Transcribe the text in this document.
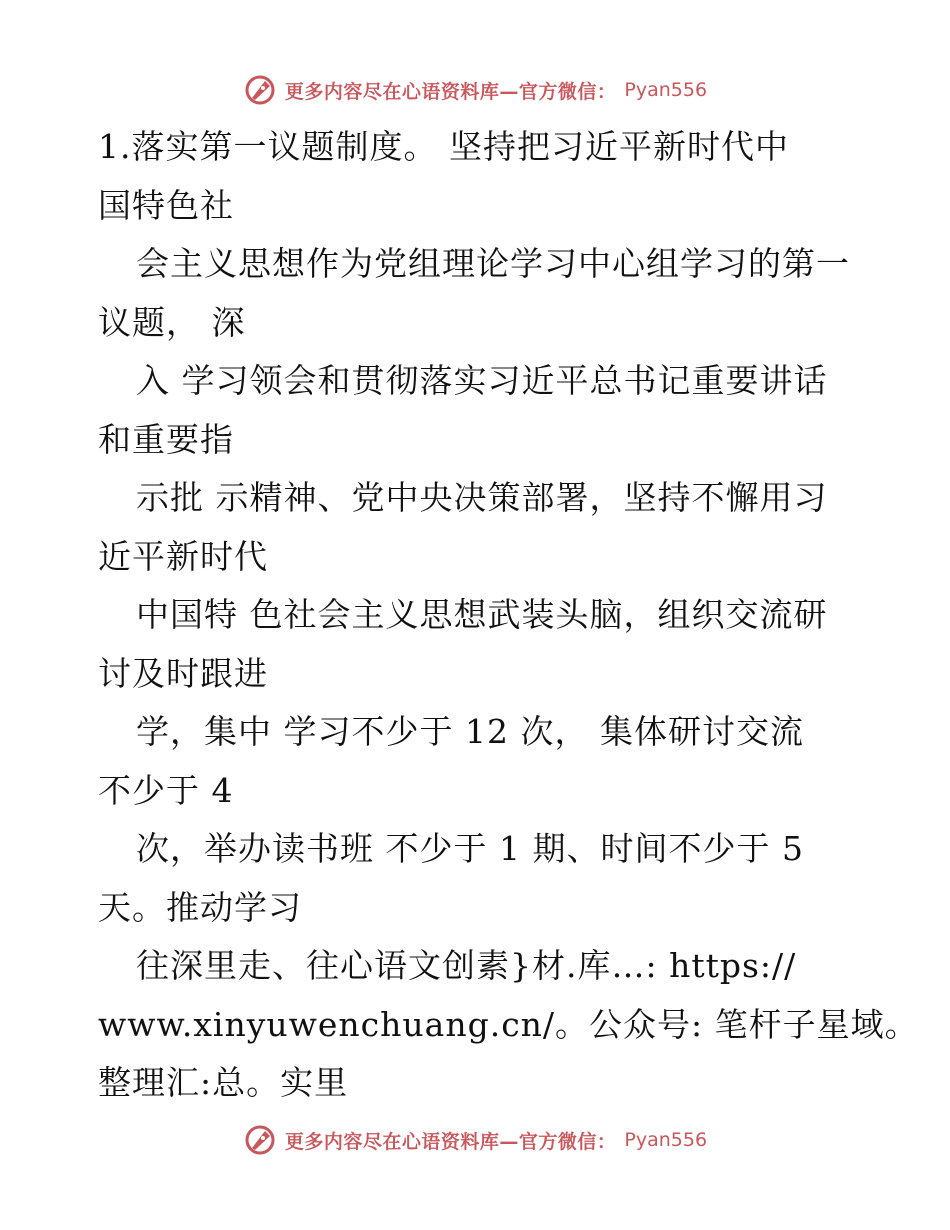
更多内容尽在心语资料库—官方微信： Pyan556
1.落实第一议题制度。 坚持把习近平新时代中
国特色社
会主义思想作为党组理论学习中心组学习的第一
议题， 深
入 学习领会和贯彻落实习近平总书记重要讲话
和重要指
示批 示精神、党中央决策部署，坚持不懈用习
近平新时代
中国特 色社会主义思想武装头脑，组织交流研
讨及时跟进
学，集中 学习不少于 12 次， 集体研讨交流
不少于 4
次，举办读书班 不少于 1 期、时间不少于 5
天。推动学习
往深里走、往心语文创素}材.库…: https://
www.xinyuwenchuang.cn/。公众号: 笔杆子星域。
整理汇:总。实里
更多内容尽在心语资料库—官方微信： Pyan556
